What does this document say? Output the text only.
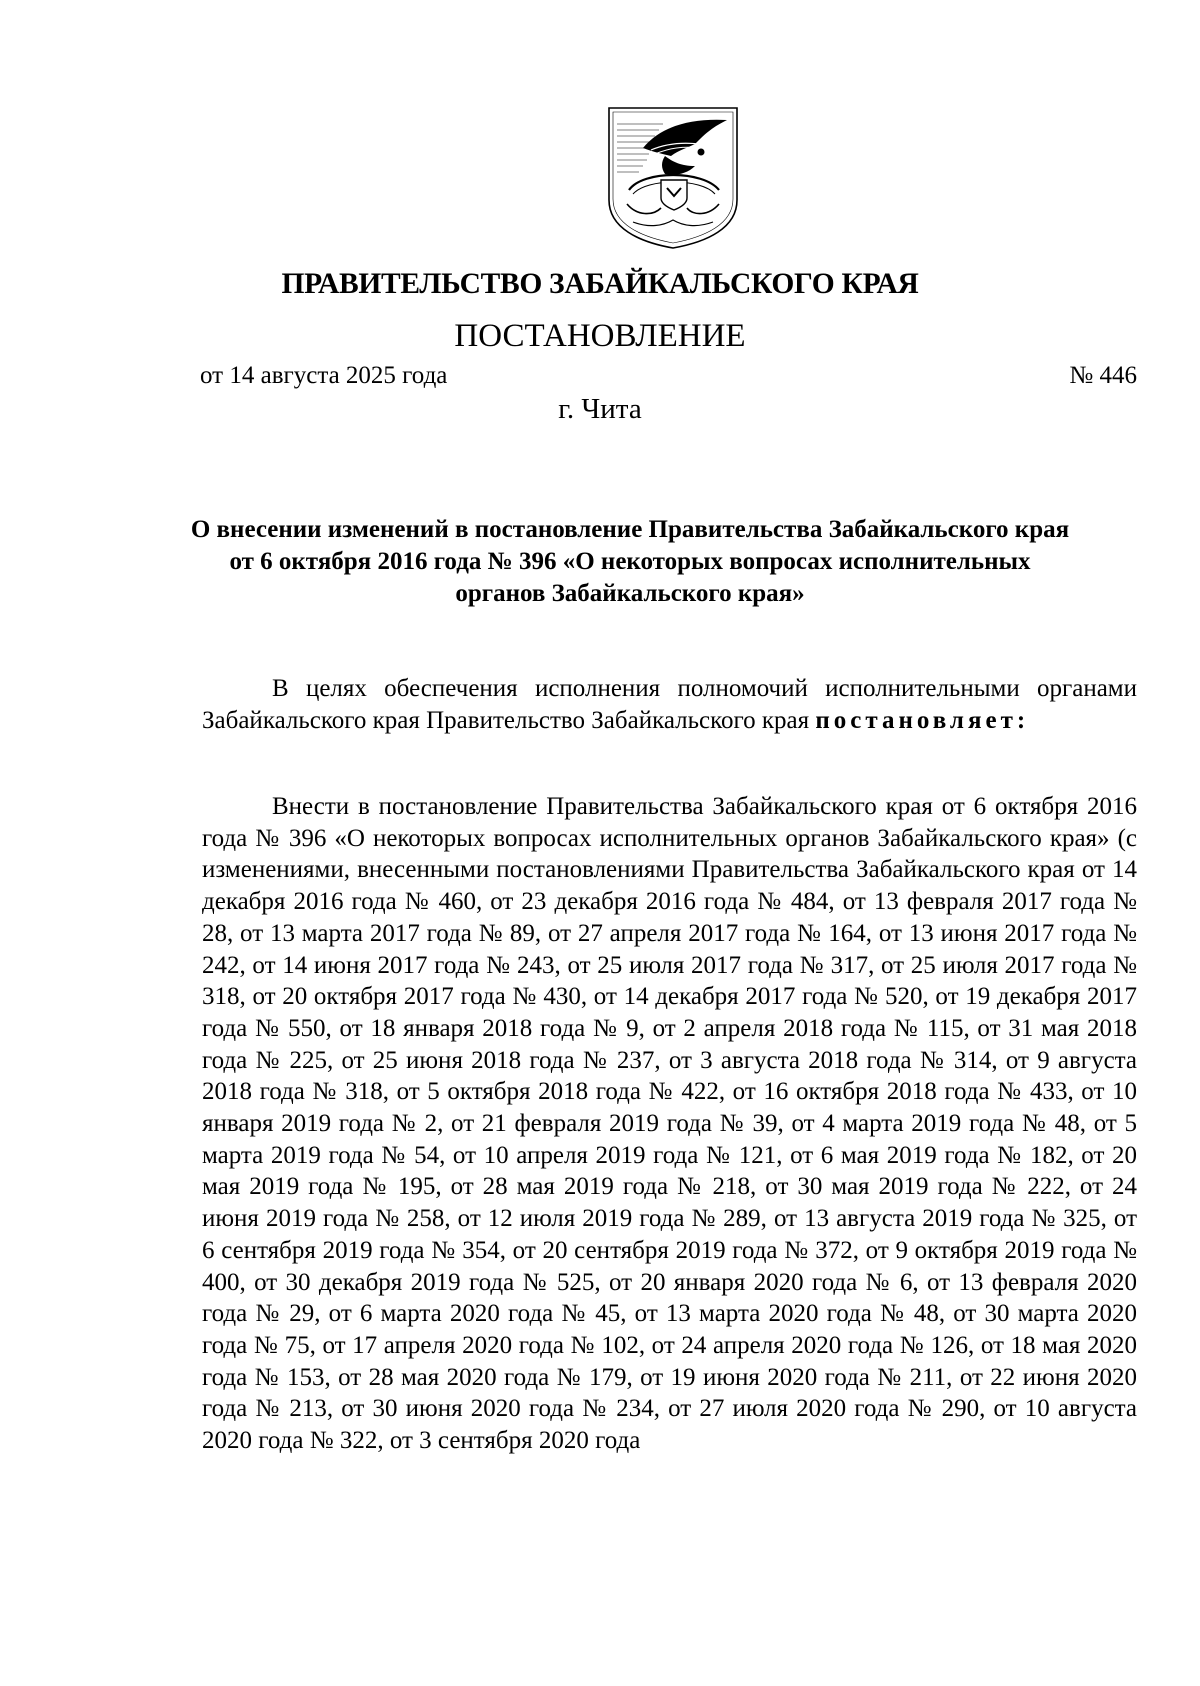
ПРАВИТЕЛЬСТВО ЗАБАЙКАЛЬСКОГО КРАЯ
ПОСТАНОВЛЕНИЕ
от 14 августа 2025 года	№ 446
г. Чита
О внесении изменений в постановление Правительства Забайкальского края от 6 октября 2016 года № 396 «О некоторых вопросах исполнительных органов Забайкальского края»
В целях обеспечения исполнения полномочий исполнительными органами Забайкальского края Правительство Забайкальского края постановляет:
Внести в постановление Правительства Забайкальского края от 6 октября 2016 года № 396 «О некоторых вопросах исполнительных органов Забайкальского края» (с изменениями, внесенными постановлениями Правительства Забайкальского края от 14 декабря 2016 года № 460, от 23 декабря 2016 года № 484, от 13 февраля 2017 года № 28, от 13 марта 2017 года № 89, от 27 апреля 2017 года № 164, от 13 июня 2017 года № 242, от 14 июня 2017 года № 243, от 25 июля 2017 года № 317, от 25 июля 2017 года № 318, от 20 октября 2017 года № 430, от 14 декабря 2017 года № 520, от 19 декабря 2017 года № 550, от 18 января 2018 года № 9, от 2 апреля 2018 года № 115, от 31 мая 2018 года № 225, от 25 июня 2018 года № 237, от 3 августа 2018 года № 314, от 9 августа 2018 года № 318, от 5 октября 2018 года № 422, от 16 октября 2018 года № 433, от 10 января 2019 года № 2, от 21 февраля 2019 года № 39, от 4 марта 2019 года № 48, от 5 марта 2019 года № 54, от 10 апреля 2019 года № 121, от 6 мая 2019 года № 182, от 20 мая 2019 года № 195, от 28 мая 2019 года № 218, от 30 мая 2019 года № 222, от 24 июня 2019 года № 258, от 12 июля 2019 года № 289, от 13 августа 2019 года № 325, от 6 сентября 2019 года № 354, от 20 сентября 2019 года № 372, от 9 октября 2019 года № 400, от 30 декабря 2019 года № 525, от 20 января 2020 года № 6, от 13 февраля 2020 года № 29, от 6 марта 2020 года № 45, от 13 марта 2020 года № 48, от 30 марта 2020 года № 75, от 17 апреля 2020 года № 102, от 24 апреля 2020 года № 126, от 18 мая 2020 года № 153, от 28 мая 2020 года № 179, от 19 июня 2020 года № 211, от 22 июня 2020 года № 213, от 30 июня 2020 года № 234, от 27 июля 2020 года № 290, от 10 августа 2020 года № 322, от 3 сентября 2020 года
